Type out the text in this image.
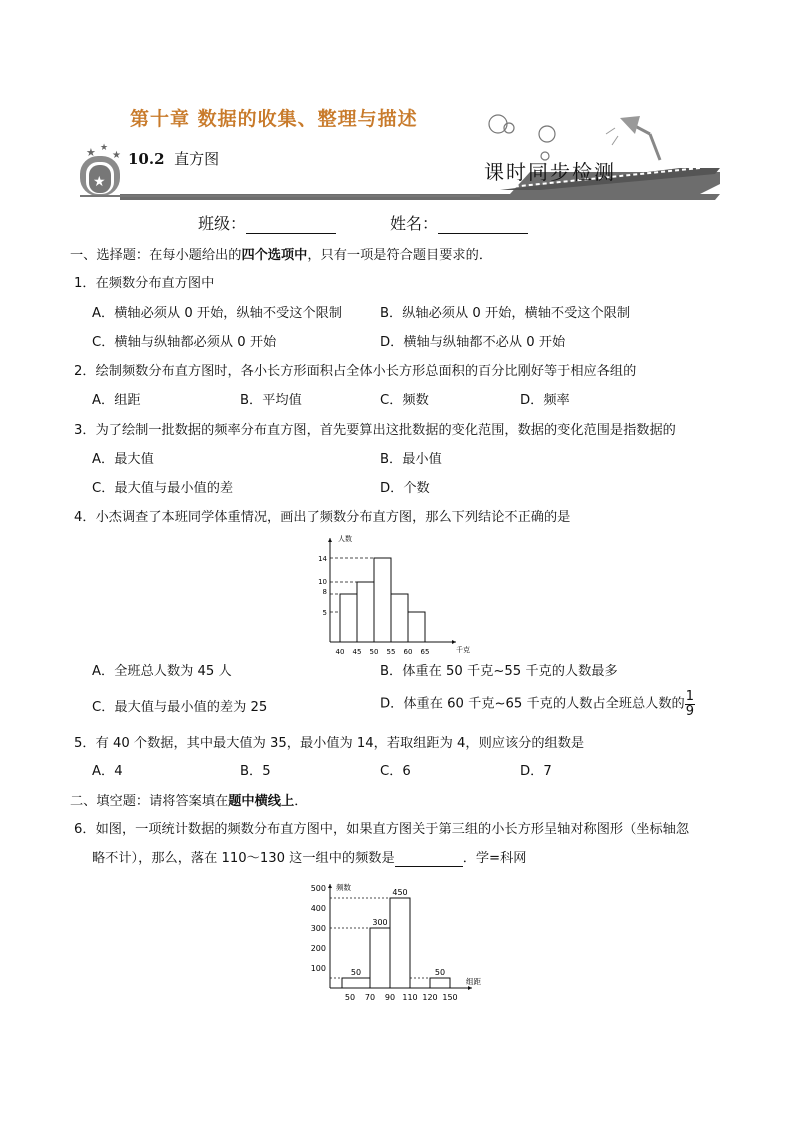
★
★ ★
★
第十章 数据的收集、整理与描述
10.2 直方图
课时同步检测
班级：	姓名：
一、选择题：在每小题给出的四个选项中，只有一项是符合题目要求的．
1．在频数分布直方图中
A．横轴必须从 0 开始，纵轴不受这个限制	B．纵轴必须从 0 开始，横轴不受这个限制
C．横轴与纵轴都必须从 0 开始	D．横轴与纵轴都不必从 0 开始
2．绘制频数分布直方图时，各小长方形面积占全体小长方形总面积的百分比刚好等于相应各组的
A．组距	B．平均值	C．频数	D．频率
3．为了绘制一批数据的频率分布直方图，首先要算出这批数据的变化范围，数据的变化范围是指数据的
A．最大值	B．最小值
C．最大值与最小值的差	D．个数
4．小杰调查了本班同学体重情况，画出了频数分布直方图，那么下列结论不正确的是
人数
千克
5
8
10
14
40 45 50 55 60 65
A．全班总人数为 45 人	B．体重在 50 千克~55 千克的人数最多
C．最大值与最小值的差为 25	D．体重在 60 千克~65 千克的人数占全班总人数的 $\frac{1}{9}$
5．有 40 个数据，其中最大值为 35，最小值为 14，若取组距为 4，则应该分的组数是
A．4	B．5	C．6	D．7
二、填空题：请将答案填在题中横线上．
6．如图，一项统计数据的频数分布直方图中，如果直方图关于第三组的小长方形呈轴对称图形（坐标轴忽
略不计），那么，落在 110～130 这一组中的频数是	．学=科网
频数
组距
100
200
300
400
500
50
300
450
50
50 70 90 110 120 150
